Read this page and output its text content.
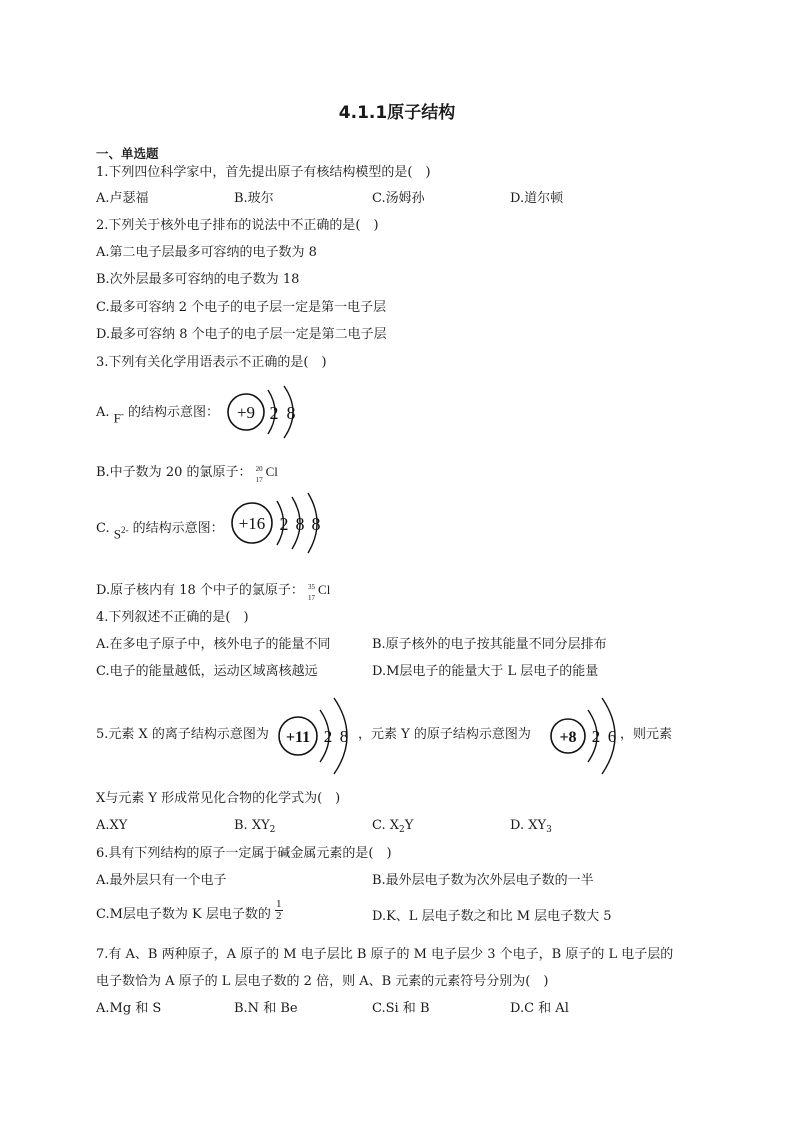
4.1.1原子结构
一、单选题
1.下列四位科学家中，首先提出原子有核结构模型的是(　)
A.卢瑟福	B.玻尔	C.汤姆孙	D.道尔顿
2.下列关于核外电子排布的说法中不正确的是(　)
A.第二电子层最多可容纳的电子数为 8
B.次外层最多可容纳的电子数为 18
C.最多可容纳 2 个电子的电子层一定是第一电子层
D.最多可容纳 8 个电子的电子层一定是第二电子层
3.下列有关化学用语表示不正确的是(　)
A. F- 的结构示意图： +9 2 8
B.中子数为 20 的氯原子： 20
17
Cl
C. $S^{2-}$ 的结构示意图： +16 2 8 8
D.原子核内有 18 个中子的氯原子： 35
17
Cl
4.下列叙述不正确的是(　)
A.在多电子原子中，核外电子的能量不同	B.原子核外的电子按其能量不同分层排布
C.电子的能量越低，运动区域离核越远	D.M层电子的能量大于 L 层电子的能量
5.元素 X 的离子结构示意图为 +11 2 8 ，元素 Y 的原子结构示意图为 +8 2 6 ，则元素
X与元素 Y 形成常见化合物的化学式为(　)
A.XY	B. $XY_2$	C. $X_2Y$	D. $XY_3$
6.具有下列结构的原子一定属于碱金属元素的是(　)
A.最外层只有一个电子	B.最外层电子数为次外层电子数的一半
C.M层电子数为 K 层电子数的 $\frac{1}{2}$	D.K、L 层电子数之和比 M 层电子数大 5
7.有 A、B 两种原子，A 原子的 M 电子层比 B 原子的 M 电子层少 3 个电子，B 原子的 L 电子层的
电子数恰为 A 原子的 L 层电子数的 2 倍，则 A、B 元素的元素符号分别为(　)
A.Mg 和 S	B.N 和 Be	C.Si 和 B	D.C 和 Al
